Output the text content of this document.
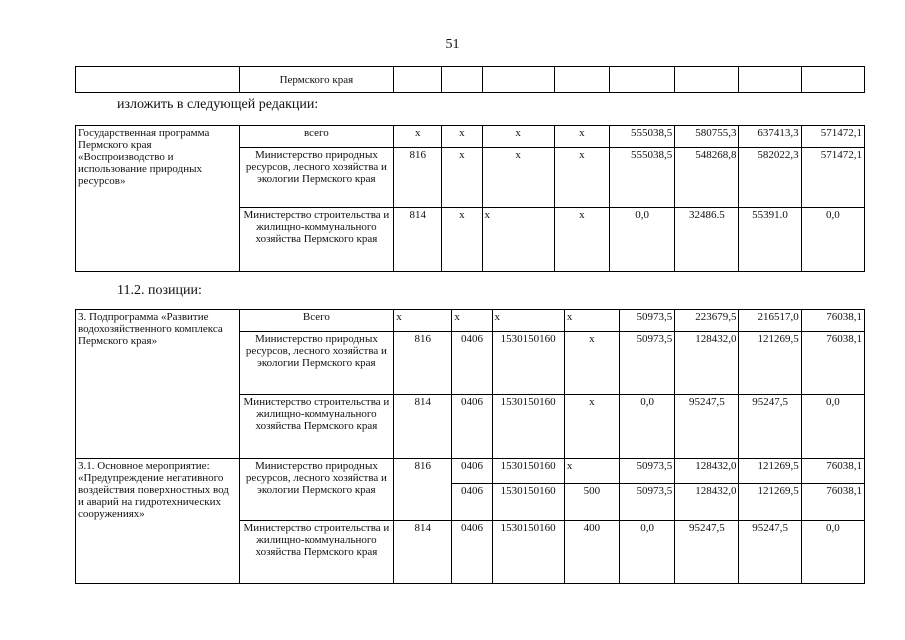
51
	Пермского края								
изложить в следующей редакции:
Государственная программа Пермского края «Воспроизводство и использование природных ресурсов»	всего	х	х	х	х	555038,5	580755,3	637413,3	571472,1
	Министерство природных ресурсов, лесного хозяйства и экологии Пермского края	816	х	х	х	555038,5	548268,8	582022,3	571472,1
	Министерство строительства и жилищно-коммунального хозяйства Пермского края	814	х	х	х	0,0	32486.5	55391.0	0,0
11.2. позиции:
3. Подпрограмма «Развитие водохозяйственного комплекса Пермского края»	Всего	х	х	х	х	50973,5	223679,5	216517,0	76038,1
	Министерство природных ресурсов, лесного хозяйства и экологии Пермского края	816	0406	1530150160	х	50973,5	128432,0	121269,5	76038,1
	Министерство строительства и жилищно-коммунального хозяйства Пермского края	814	0406	1530150160	х	0,0	95247,5	95247,5	0,0
3.1. Основное мероприятие: «Предупреждение негативного воздействия поверхностных вод и аварий на гидротехнических сооружениях»	Министерство природных ресурсов, лесного хозяйства и экологии Пермского края	816	0406	1530150160	х	50973,5	128432,0	121269,5	76038,1
			0406	1530150160	500	50973,5	128432,0	121269,5	76038,1
	Министерство строительства и жилищно-коммунального хозяйства Пермского края	814	0406	1530150160	400	0,0	95247,5	95247,5	0,0
